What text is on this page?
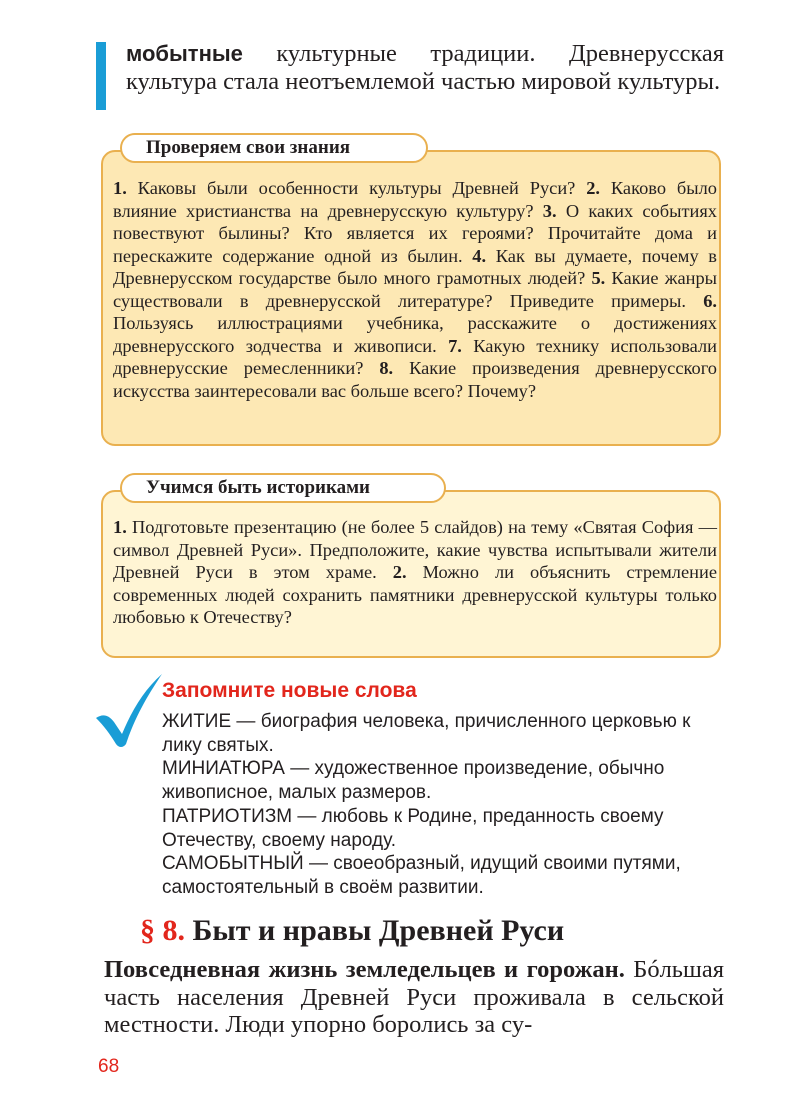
мобытные культурные традиции. Древнерусская культура стала неотъемлемой частью мировой культуры.

Проверяем свои знания

1. Каковы были особенности культуры Древней Руси? 2. Каково было влияние христианства на древнерусскую культуру? 3. О каких событиях повествуют былины? Кто является их героями? Прочитайте дома и перескажите содержание одной из былин. 4. Как вы думаете, почему в Древнерусском государстве было много грамотных людей? 5. Какие жанры существовали в древнерусской литературе? Приведите примеры. 6. Пользуясь иллюстрациями учебника, расскажите о достижениях древнерусского зодчества и живописи. 7. Какую технику использовали древнерусские ремесленники? 8. Какие произведения древнерусского искусства заинтересовали вас больше всего? Почему?

Учимся быть историками

1. Подготовьте презентацию (не более 5 слайдов) на тему «Святая София — символ Древней Руси». Предположите, какие чувства испытывали жители Древней Руси в этом храме. 2. Можно ли объяснить стремление современных людей сохранить памятники древнерусской культуры только любовью к Отечеству?

Запомните новые слова

ЖИТИЕ — биография человека, причисленного церковью к лику святых.

МИНИАТЮРА — художественное произведение, обычно живописное, малых размеров.

ПАТРИОТИЗМ — любовь к Родине, преданность своему Отечеству, своему народу.

САМОБЫТНЫЙ — своеобразный, идущий своими путями, самостоятельный в своём развитии.

§ 8. Быт и нравы Древней Руси

Повседневная жизнь земледельцев и горожан. Бóльшая часть населения Древней Руси проживала в сельской местности. Люди упорно боролись за су-

68
